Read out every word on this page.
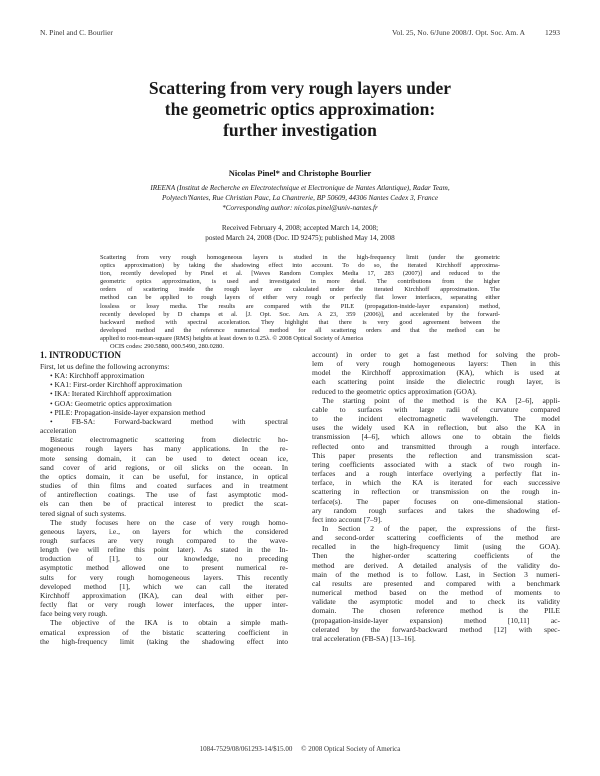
N. Pinel and C. Bourlier	Vol. 25, No. 6/June 2008/J. Opt. Soc. Am. A	1293
Scattering from very rough layers under
the geometric optics approximation:
further investigation
Nicolas Pinel* and Christophe Bourlier
IREENA (Institut de Recherche en Electrotechnique et Electronique de Nantes Atlantique), Radar Team,
Polytech'Nantes, Rue Christian Pauc, La Chantrerie, BP 50609, 44306 Nantes Cedex 3, France
*Corresponding author: nicolas.pinel@univ-nantes.fr
Received February 4, 2008; accepted March 14, 2008;
posted March 24, 2008 (Doc. ID 92475); published May 14, 2008
Scattering from very rough homogeneous layers is studied in the high-frequency limit (under the geometric
optics approximation) by taking the shadowing effect into account. To do so, the iterated Kirchhoff approxima-
tion, recently developed by Pinel et al. [Waves Random Complex Media 17, 283 (2007)] and reduced to the
geometric optics approximation, is used and investigated in more detail. The contributions from the higher
orders of scattering inside the rough layer are calculated under the iterated Kirchhoff approximation. The
method can be applied to rough layers of either very rough or perfectly flat lower interfaces, separating either
lossless or lossy media. The results are compared with the PILE (propagation-inside-layer expansion) method,
recently developed by D champs et al. [J. Opt. Soc. Am. A 23, 359 (2006)], and accelerated by the forward-
backward method with spectral acceleration. They highlight that there is very good agreement between the
developed method and the reference numerical method for all scattering orders and that the method can be
applied to root-mean-square (RMS) heights at least down to 0.25λ. © 2008 Optical Society of America
OCIS codes: 290.5880, 000.5490, 280.0280.
1. INTRODUCTION
First, let us define the following acronyms:
• KA: Kirchhoff approximation
• KA1: First-order Kirchhoff approximation
• IKA: Iterated Kirchhoff approximation
• GOA: Geometric optics approximation
• PILE: Propagation-inside-layer expansion method
• FB-SA: Forward-backward method with spectral
acceleration
Bistatic electromagnetic scattering from dielectric ho-
mogeneous rough layers has many applications. In the re-
mote sensing domain, it can be used to detect ocean ice,
sand cover of arid regions, or oil slicks on the ocean. In
the optics domain, it can be useful, for instance, in optical
studies of thin films and coated surfaces and in treatment
of antireflection coatings. The use of fast asymptotic mod-
els can then be of practical interest to predict the scat-
tered signal of such systems.
The study focuses here on the case of very rough homo-
geneous layers, i.e., on layers for which the considered
rough surfaces are very rough compared to the wave-
length (we will refine this point later). As stated in the In-
troduction of [1], to our knowledge, no preceding
asymptotic method allowed one to present numerical re-
sults for very rough homogeneous layers. This recently
developed method [1], which we can call the iterated
Kirchhoff approximation (IKA), can deal with either per-
fectly flat or very rough lower interfaces, the upper inter-
face being very rough.
The objective of the IKA is to obtain a simple math-
ematical expression of the bistatic scattering coefficient in
the high-frequency limit (taking the shadowing effect into
account) in order to get a fast method for solving the prob-
lem of very rough homogeneous layers: Then in this
model the Kirchhoff approximation (KA), which is used at
each scattering point inside the dielectric rough layer, is
reduced to the geometric optics approximation (GOA).
The starting point of the method is the KA [2–6], appli-
cable to surfaces with large radii of curvature compared
to the incident electromagnetic wavelength. The model
uses the widely used KA in reflection, but also the KA in
transmission [4–6], which allows one to obtain the fields
reflected onto and transmitted through a rough interface.
This paper presents the reflection and transmission scat-
tering coefficients associated with a stack of two rough in-
terfaces and a rough interface overlying a perfectly flat in-
terface, in which the KA is iterated for each successive
scattering in reflection or transmission on the rough in-
terface(s). The paper focuses on one-dimensional station-
ary random rough surfaces and takes the shadowing ef-
fect into account [7–9].
In Section 2 of the paper, the expressions of the first-
and second-order scattering coefficients of the method are
recalled in the high-frequency limit (using the GOA).
Then the higher-order scattering coefficients of the
method are derived. A detailed analysis of the validity do-
main of the method is to follow. Last, in Section 3 numeri-
cal results are presented and compared with a benchmark
numerical method based on the method of moments to
validate the asymptotic model and to check its validity
domain. The chosen reference method is the PILE
(propagation-inside-layer expansion) method [10,11] ac-
celerated by the forward-backward method [12] with spec-
tral acceleration (FB-SA) [13–16].
1084-7529/08/061293-14/$15.00     © 2008 Optical Society of America
